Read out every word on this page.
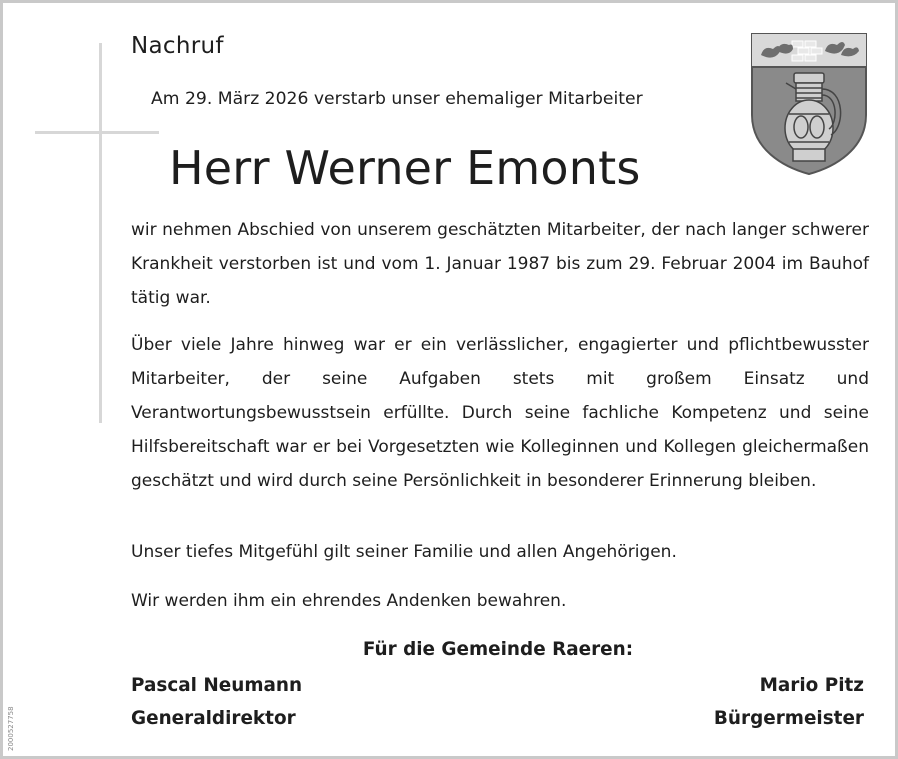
Nachruf
Am 29. März 2026 verstarb unser ehemaliger Mitarbeiter
Herr Werner Emonts

wir nehmen Abschied von unserem geschätzten Mitarbeiter, der nach langer schwerer Krankheit verstorben ist und vom 1. Januar 1987 bis zum 29. Februar 2004 im Bauhof tätig war.

Über viele Jahre hinweg war er ein verlässlicher, engagierter und pflichtbewusster Mitarbeiter, der seine Aufgaben stets mit großem Einsatz und Verantwortungsbewusstsein erfüllte. Durch seine fachliche Kompetenz und seine Hilfsbereitschaft war er bei Vorgesetzten wie Kolleginnen und Kollegen gleichermaßen geschätzt und wird durch seine Persönlichkeit in besonderer Erinnerung bleiben.

Unser tiefes Mitgefühl gilt seiner Familie und allen Angehörigen.

Wir werden ihm ein ehrendes Andenken bewahren.

Für die Gemeinde Raeren:
Pascal Neumann
Generaldirektor
Mario Pitz
Bürgermeister
2000527758
